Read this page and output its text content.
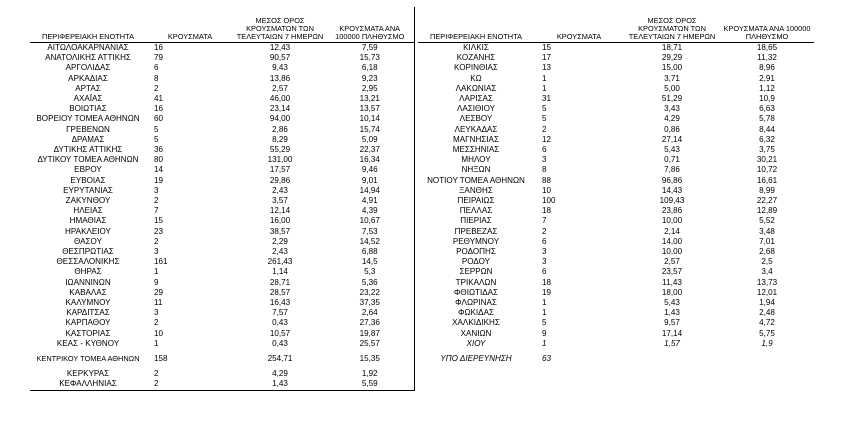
ΠΕΡΙΦΕΡΕΙΑΚΗ ΕΝΟΤΗΤΑ	ΚΡΟΥΣΜΑΤΑ	ΜΕΣΟΣ ΟΡΟΣ ΚΡΟΥΣΜΑΤΩΝ ΤΩΝ ΤΕΛΕΥΤΑΙΩΝ 7 ΗΜΕΡΩΝ	ΚΡΟΥΣΜΑΤΑ ΑΝΑ 100000 ΠΛΗΘΥΣΜΟ
ΑΙΤΩΛΟΑΚΑΡΝΑΝΙΑΣ	16	12,43	7,59
ΑΝΑΤΟΛΙΚΗΣ ΑΤΤΙΚΗΣ	79	90,57	15,73
ΑΡΓΟΛΙΔΑΣ	6	9,43	6,18
ΑΡΚΑΔΙΑΣ	8	13,86	9,23
ΑΡΤΑΣ	2	2,57	2,95
ΑΧΑΪΑΣ	41	46,00	13,21
ΒΟΙΩΤΙΑΣ	16	23,14	13,57
ΒΟΡΕΙΟΥ ΤΟΜΕΑ ΑΘΗΝΩΝ	60	94,00	10,14
ΓΡΕΒΕΝΩΝ	5	2,86	15,74
ΔΡΑΜΑΣ	5	8,29	5,09
ΔΥΤΙΚΗΣ ΑΤΤΙΚΗΣ	36	55,29	22,37
ΔΥΤΙΚΟΥ ΤΟΜΕΑ ΑΘΗΝΩΝ	80	131,00	16,34
ΕΒΡΟΥ	14	17,57	9,46
ΕΥΒΟΙΑΣ	19	29,86	9,01
ΕΥΡΥΤΑΝΙΑΣ	3	2,43	14,94
ΖΑΚΥΝΘΟΥ	2	3,57	4,91
ΗΛΕΙΑΣ	7	12,14	4,39
ΗΜΑΘΙΑΣ	15	16,00	10,67
ΗΡΑΚΛΕΙΟΥ	23	38,57	7,53
ΘΑΣΟΥ	2	2,29	14,52
ΘΕΣΠΡΩΤΙΑΣ	3	2,43	6,88
ΘΕΣΣΑΛΟΝΙΚΗΣ	161	261,43	14,5
ΘΗΡΑΣ	1	1,14	5,3
ΙΩΑΝΝΙΝΩΝ	9	28,71	5,36
ΚΑΒΑΛΑΣ	29	28,57	23,22
ΚΑΛΥΜΝΟΥ	11	16,43	37,35
ΚΑΡΔΙΤΣΑΣ	3	7,57	2,64
ΚΑΡΠΑΘΟΥ	2	0,43	27,36
ΚΑΣΤΟΡΙΑΣ	10	10,57	19,87
ΚΕΑΣ - ΚΥΘΝΟΥ	1	0,43	25,57
ΚΕΝΤΡΙΚΟΥ ΤΟΜΕΑ ΑΘΗΝΩΝ	158	254,71	15,35
ΚΕΡΚΥΡΑΣ	2	4,29	1,92
ΚΕΦΑΛΛΗΝΙΑΣ	2	1,43	5,59
ΠΕΡΙΦΕΡΕΙΑΚΗ ΕΝΟΤΗΤΑ	ΚΡΟΥΣΜΑΤΑ	ΜΕΣΟΣ ΟΡΟΣ ΚΡΟΥΣΜΑΤΩΝ ΤΩΝ ΤΕΛΕΥΤΑΙΩΝ 7 ΗΜΕΡΩΝ	ΚΡΟΥΣΜΑΤΑ ΑΝΑ 100000 ΠΛΗΘΥΣΜΟ
ΚΙΛΚΙΣ	15	18,71	18,65
ΚΟΖΑΝΗΣ	17	29,29	11,32
ΚΟΡΙΝΘΙΑΣ	13	15,00	8,96
ΚΩ	1	3,71	2,91
ΛΑΚΩΝΙΑΣ	1	5,00	1,12
ΛΑΡΙΣΑΣ	31	51,29	10,9
ΛΑΣΙΘΙΟΥ	5	3,43	6,63
ΛΕΣΒΟΥ	5	4,29	5,78
ΛΕΥΚΑΔΑΣ	2	0,86	8,44
ΜΑΓΝΗΣΙΑΣ	12	27,14	6,32
ΜΕΣΣΗΝΙΑΣ	6	5,43	3,75
ΜΗΛΟΥ	3	0,71	30,21
ΝΗΞΩΝ	8	7,86	10,72
ΝΟΤΙΟΥ ΤΟΜΕΑ ΑΘΗΝΩΝ	88	96,86	16,61
ΞΑΝΘΗΣ	10	14,43	8,99
ΠΕΙΡΑΙΩΣ	100	109,43	22,27
ΠΕΛΛΑΣ	18	23,86	12,89
ΠΙΕΡΙΑΣ	7	10,00	5,52
ΠΡΕΒΕΖΑΣ	2	2,14	3,48
ΡΕΘΥΜΝΟΥ	6	14,00	7,01
ΡΟΔΟΠΗΣ	3	10,00	2,68
ΡΟΔΟΥ	3	2,57	2,5
ΣΕΡΡΩΝ	6	23,57	3,4
ΤΡΙΚΑΛΩΝ	18	11,43	13,73
ΦΘΙΩΤΙΔΑΣ	19	18,00	12,01
ΦΛΩΡΙΝΑΣ	1	5,43	1,94
ΦΩΚΙΔΑΣ	1	1,43	2,48
ΧΑΛΚΙΔΙΚΗΣ	5	9,57	4,72
ΧΑΝΙΩΝ	9	17,14	5,75
ΧΙΟΥ	1	1,57	1,9
ΥΠΟ ΔΙΕΡΕΥΝΗΣΗ	63		
